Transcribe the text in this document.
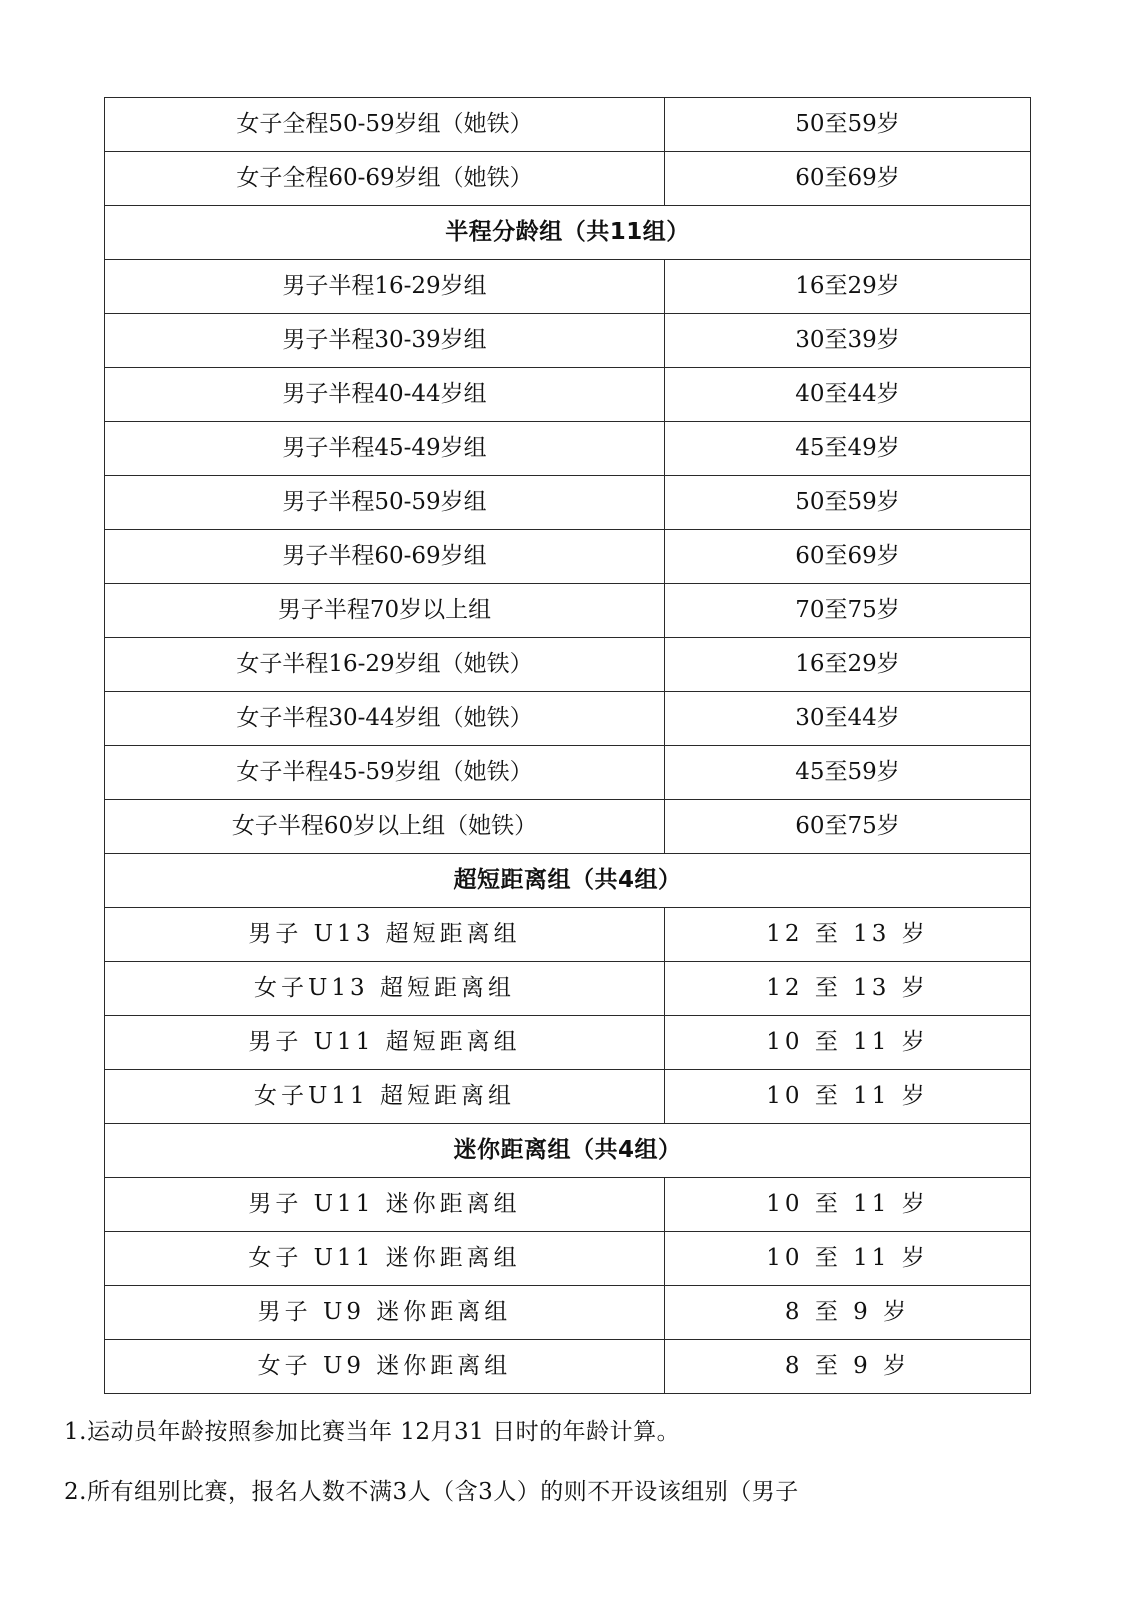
女子全程50-59岁组（她铁）	50至59岁
女子全程60-69岁组（她铁）	60至69岁
半程分龄组（共11组）	
男子半程16-29岁组	16至29岁
男子半程30-39岁组	30至39岁
男子半程40-44岁组	40至44岁
男子半程45-49岁组	45至49岁
男子半程50-59岁组	50至59岁
男子半程60-69岁组	60至69岁
男子半程70岁以上组	70至75岁
女子半程16-29岁组（她铁）	16至29岁
女子半程30-44岁组（她铁）	30至44岁
女子半程45-59岁组（她铁）	45至59岁
女子半程60岁以上组（她铁）	60至75岁
超短距离组（共4组）	
男子 U13 超短距离组	12 至 13 岁
女子U13 超短距离组	12 至 13 岁
男子 U11 超短距离组	10 至 11 岁
女子U11 超短距离组	10 至 11 岁
迷你距离组（共4组）	
男子 U11 迷你距离组	10 至 11 岁
女子 U11 迷你距离组	10 至 11 岁
男子 U9 迷你距离组	8 至 9 岁
女子 U9 迷你距离组	8 至 9 岁
1.运动员年龄按照参加比赛当年 12月31 日时的年龄计算。
2.所有组别比赛，报名人数不满3人（含3人）的则不开设该组别（男子
